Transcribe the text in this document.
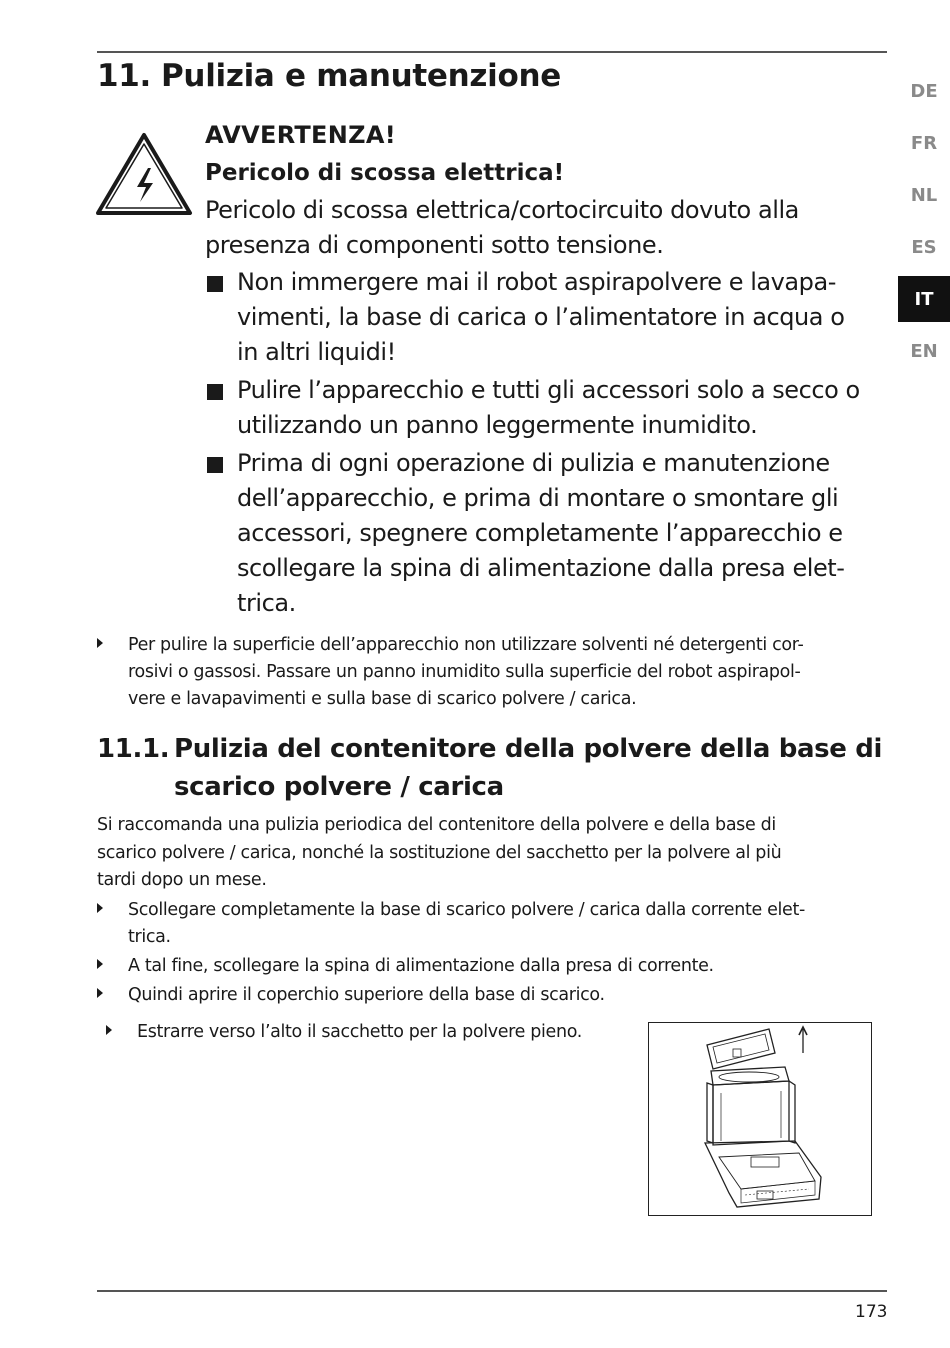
11. Pulizia e manutenzione	DE
FR
NL
ES
IT
EN
AVVERTENZA!
Pericolo di scossa elettrica!
Pericolo di scossa elettrica/cortocircuito dovuto alla
presenza di componenti sotto tensione.
Non immergere mai il robot aspirapolvere e lavapa-
vimenti, la base di carica o l’alimentatore in acqua o
in altri liquidi!
Pulire l’apparecchio e tutti gli accessori solo a secco o
utilizzando un panno leggermente inumidito.
Prima di ogni operazione di pulizia e manutenzione
dell’apparecchio, e prima di montare o smontare gli
accessori, spegnere completamente l’apparecchio e
scollegare la spina di alimentazione dalla presa elet-
trica.
Per pulire la superficie dell’apparecchio non utilizzare solventi né detergenti cor-
rosivi o gassosi. Passare un panno inumidito sulla superficie del robot aspirapol-
vere e lavapavimenti e sulla base di scarico polvere / carica.
11.1. Pulizia del contenitore della polvere della base di
scarico polvere / carica
Si raccomanda una pulizia periodica del contenitore della polvere e della base di
scarico polvere / carica, nonché la sostituzione del sacchetto per la polvere al più
tardi dopo un mese.
Scollegare completamente la base di scarico polvere / carica dalla corrente elet-
trica.
A tal fine, scollegare la spina di alimentazione dalla presa di corrente.
Quindi aprire il coperchio superiore della base di scarico.
Estrarre verso l’alto il sacchetto per la polvere pieno.
173
